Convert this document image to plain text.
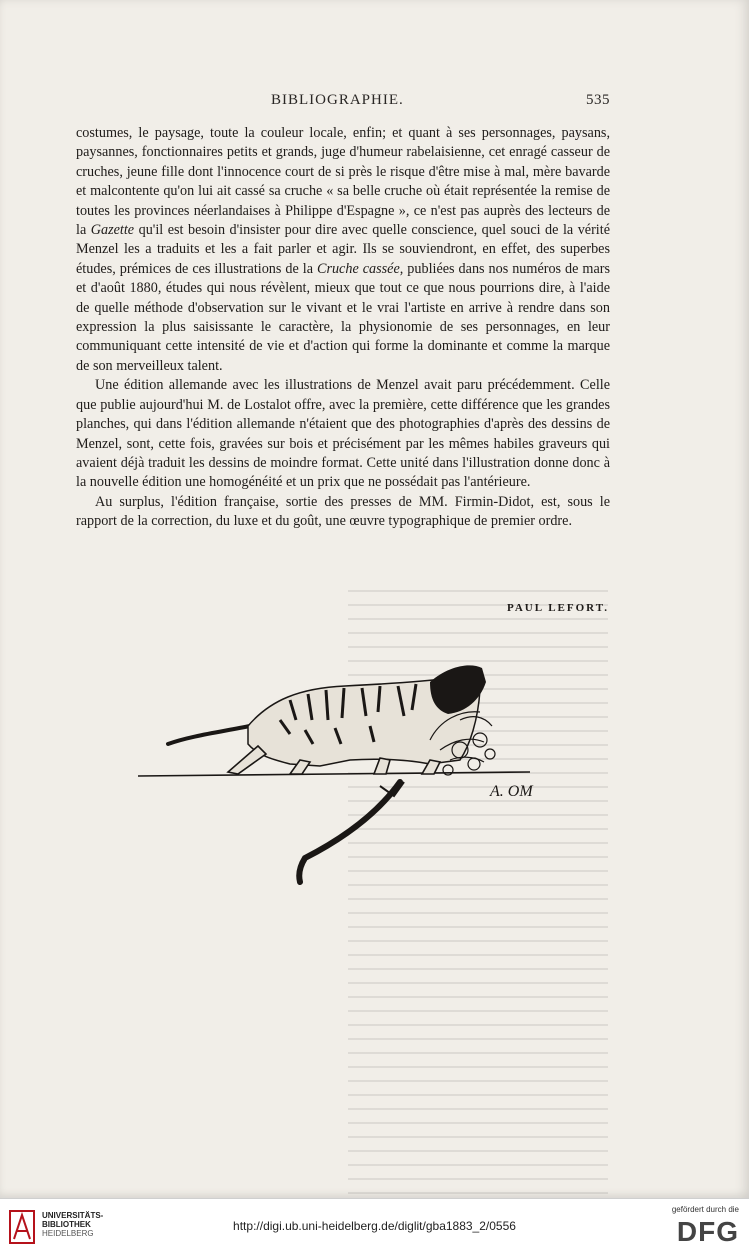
BIBLIOGRAPHIE.	535

costumes, le paysage, toute la couleur locale, enfin; et quant à ses personnages, paysans, paysannes, fonctionnaires petits et grands, juge d'humeur rabelaisienne, cet enragé casseur de cruches, jeune fille dont l'innocence court de si près le risque d'être mise à mal, mère bavarde et malcontente qu'on lui ait cassé sa cruche « sa belle cruche où était représentée la remise de toutes les provinces néerlandaises à Philippe d'Espagne », ce n'est pas auprès des lecteurs de la Gazette qu'il est besoin d'insister pour dire avec quelle conscience, quel souci de la vérité Menzel les a traduits et les a fait parler et agir. Ils se souviendront, en effet, des superbes études, prémices de ces illustrations de la Cruche cassée, publiées dans nos numéros de mars et d'août 1880, études qui nous révèlent, mieux que tout ce que nous pourrions dire, à l'aide de quelle méthode d'observation sur le vivant et le vrai l'artiste en arrive à rendre dans son expression la plus saisissante le caractère, la physionomie de ses personnages, en leur communiquant cette intensité de vie et d'action qui forme la dominante et comme la marque de son merveilleux talent.

Une édition allemande avec les illustrations de Menzel avait paru précédemment. Celle que publie aujourd'hui M. de Lostalot offre, avec la première, cette différence que les grandes planches, qui dans l'édition allemande n'étaient que des photographies d'après des dessins de Menzel, sont, cette fois, gravées sur bois et précisément par les mêmes habiles graveurs qui avaient déjà traduit les dessins de moindre format. Cette unité dans l'illustration donne donc à la nouvelle édition une homogénéité et un prix que ne possédait pas l'antérieure.

Au surplus, l'édition française, sortie des presses de MM. Firmin-Didot, est, sous le rapport de la correction, du luxe et du goût, une œuvre typographique de premier ordre.

PAUL LEFORT.
A. OM
UNIVERSITÄTS-
BIBLIOTHEK
HEIDELBERG
http://digi.ub.uni-heidelberg.de/diglit/gba1883_2/0556
gefördert durch die
DFG
